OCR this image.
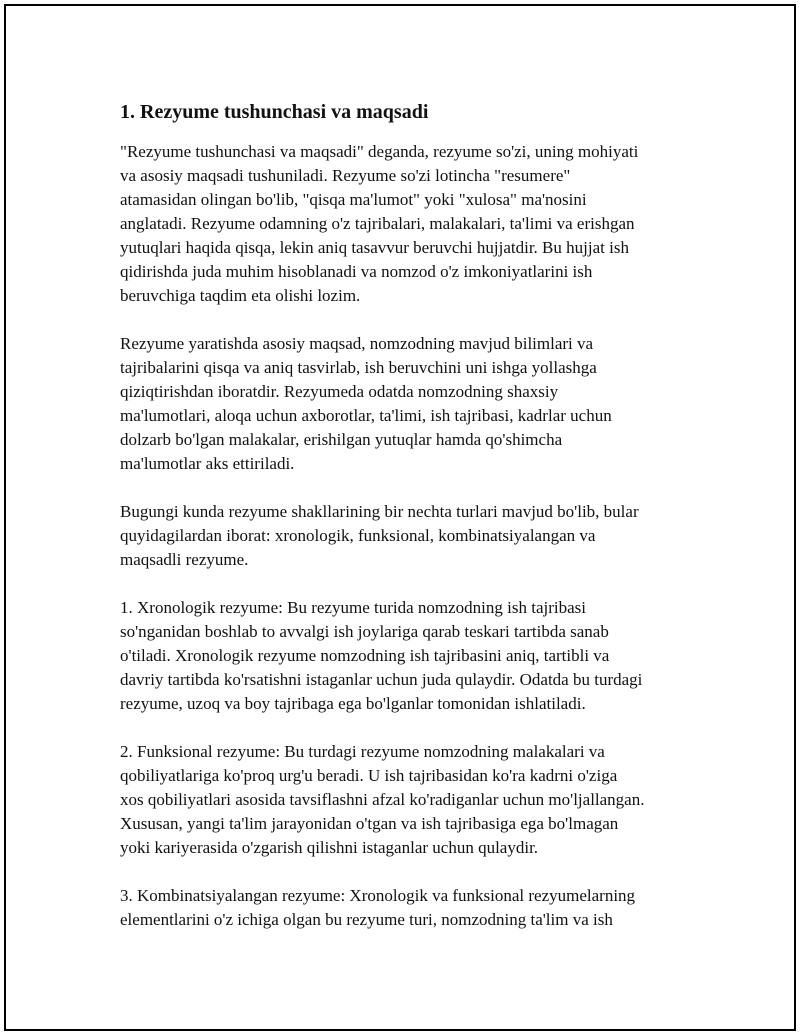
1. Rezyume tushunchasi va maqsadi

"Rezyume tushunchasi va maqsadi" deganda, rezyume so'zi, uning mohiyati
va asosiy maqsadi tushuniladi. Rezyume so'zi lotincha "resumere"
atamasidan olingan bo'lib, "qisqa ma'lumot" yoki "xulosa" ma'nosini
anglatadi. Rezyume odamning o'z tajribalari, malakalari, ta'limi va erishgan
yutuqlari haqida qisqa, lekin aniq tasavvur beruvchi hujjatdir. Bu hujjat ish
qidirishda juda muhim hisoblanadi va nomzod o'z imkoniyatlarini ish
beruvchiga taqdim eta olishi lozim.

Rezyume yaratishda asosiy maqsad, nomzodning mavjud bilimlari va
tajribalarini qisqa va aniq tasvirlab, ish beruvchini uni ishga yollashga
qiziqtirishdan iboratdir. Rezyumeda odatda nomzodning shaxsiy
ma'lumotlari, aloqa uchun axborotlar, ta'limi, ish tajribasi, kadrlar uchun
dolzarb bo'lgan malakalar, erishilgan yutuqlar hamda qo'shimcha
ma'lumotlar aks ettiriladi.

Bugungi kunda rezyume shakllarining bir nechta turlari mavjud bo'lib, bular
quyidagilardan iborat: xronologik, funksional, kombinatsiyalangan va
maqsadli rezyume.

1. Xronologik rezyume: Bu rezyume turida nomzodning ish tajribasi
so'nganidan boshlab to avvalgi ish joylariga qarab teskari tartibda sanab
o'tiladi. Xronologik rezyume nomzodning ish tajribasini aniq, tartibli va
davriy tartibda ko'rsatishni istaganlar uchun juda qulaydir. Odatda bu turdagi
rezyume, uzoq va boy tajribaga ega bo'lganlar tomonidan ishlatiladi.

2. Funksional rezyume: Bu turdagi rezyume nomzodning malakalari va
qobiliyatlariga ko'proq urg'u beradi. U ish tajribasidan ko'ra kadrni o'ziga
xos qobiliyatlari asosida tavsiflashni afzal ko'radiganlar uchun mo'ljallangan.
Xususan, yangi ta'lim jarayonidan o'tgan va ish tajribasiga ega bo'lmagan
yoki kariyerasida o'zgarish qilishni istaganlar uchun qulaydir.

3. Kombinatsiyalangan rezyume: Xronologik va funksional rezyumelarning
elementlarini o'z ichiga olgan bu rezyume turi, nomzodning ta'lim va ish
